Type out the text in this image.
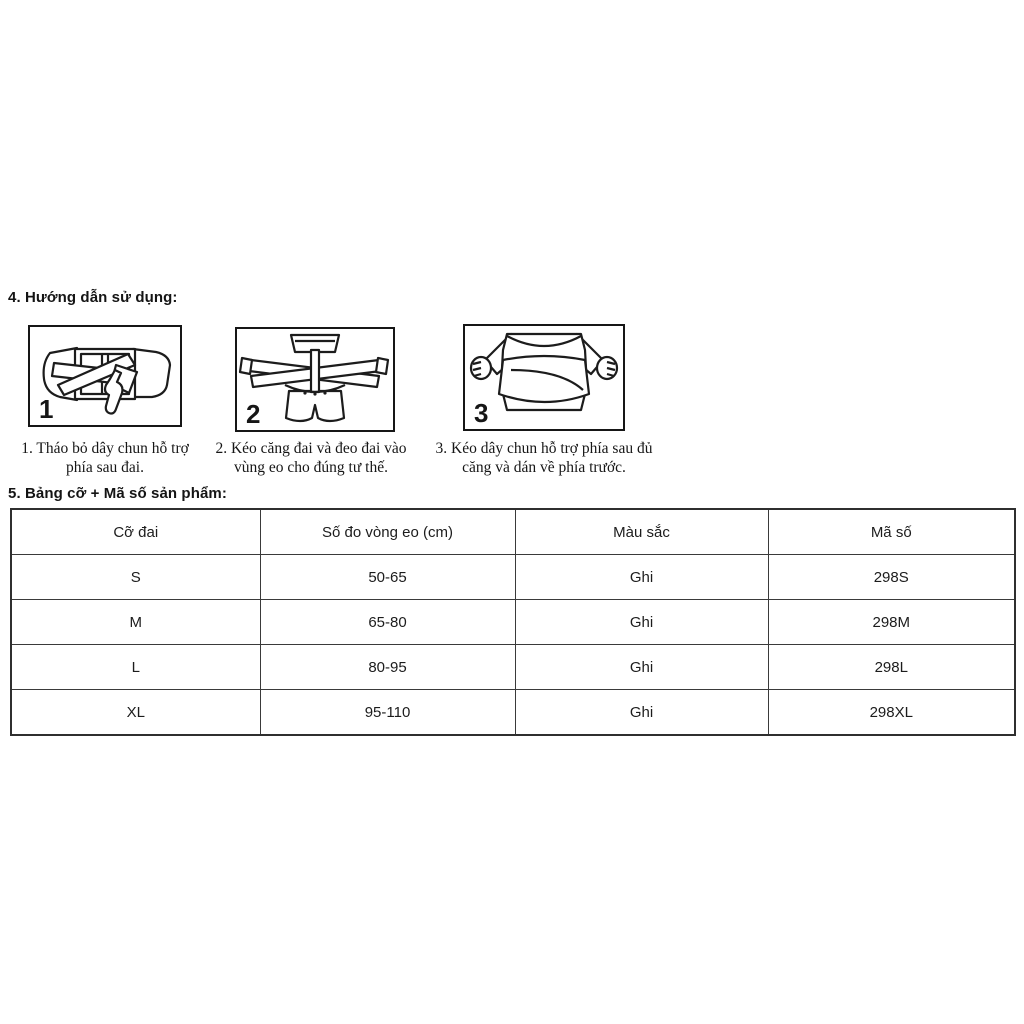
4. Hướng dẫn sử dụng:
1	2	3
1. Tháo bỏ dây chun hỗ trợ
phía sau đai.
2. Kéo căng đai và đeo đai vào
vùng eo cho đúng tư thế.
3. Kéo dây chun hỗ trợ phía sau đủ
căng và dán về phía trước.
5. Bảng cỡ + Mã số sản phẩm:
Cỡ đai	Số đo vòng eo (cm)	Màu sắc	Mã số
S	50-65	Ghi	298S
M	65-80	Ghi	298M
L	80-95	Ghi	298L
XL	95-110	Ghi	298XL
